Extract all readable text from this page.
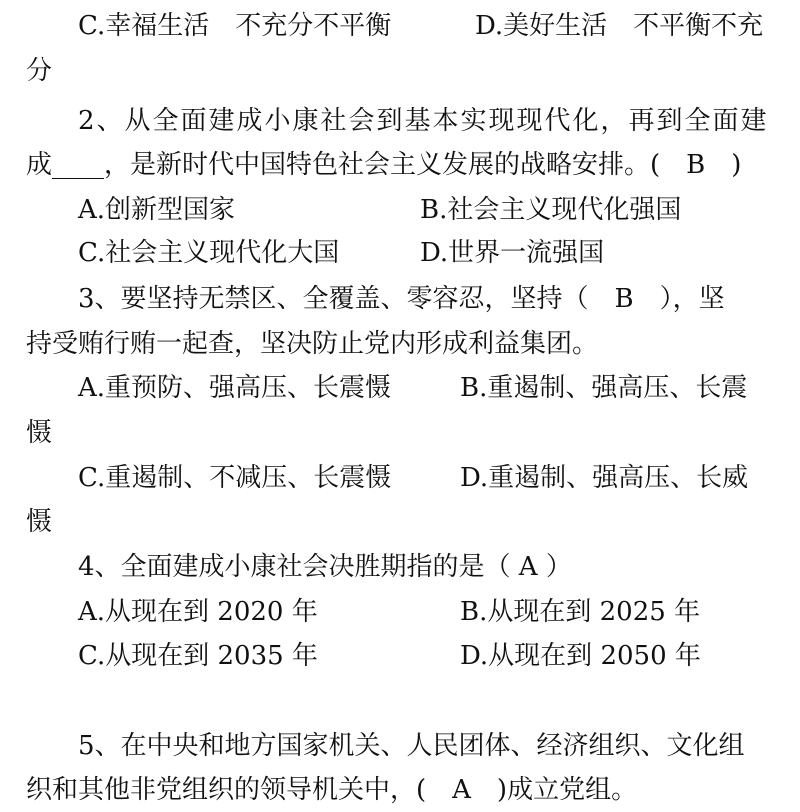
C.幸福生活　不充分不平衡	D.美好生活　不平衡不充
分
2、从全面建成小康社会到基本实现现代化，再到全面建
成____，是新时代中国特色社会主义发展的战略安排。(　B　)
A.创新型国家	B.社会主义现代化强国
C.社会主义现代化大国	D.世界一流强国
3、要坚持无禁区、全覆盖、零容忍，坚持（　B　），坚
持受贿行贿一起查，坚决防止党内形成利益集团。
A.重预防、强高压、长震慑	B.重遏制、强高压、长震
慑
C.重遏制、不减压、长震慑	D.重遏制、强高压、长威
慑
4、全面建成小康社会决胜期指的是（ A ）
A.从现在到 2020 年	B.从现在到 2025 年
C.从现在到 2035 年	D.从现在到 2050 年
5、在中央和地方国家机关、人民团体、经济组织、文化组
织和其他非党组织的领导机关中，(　A　)成立党组。
